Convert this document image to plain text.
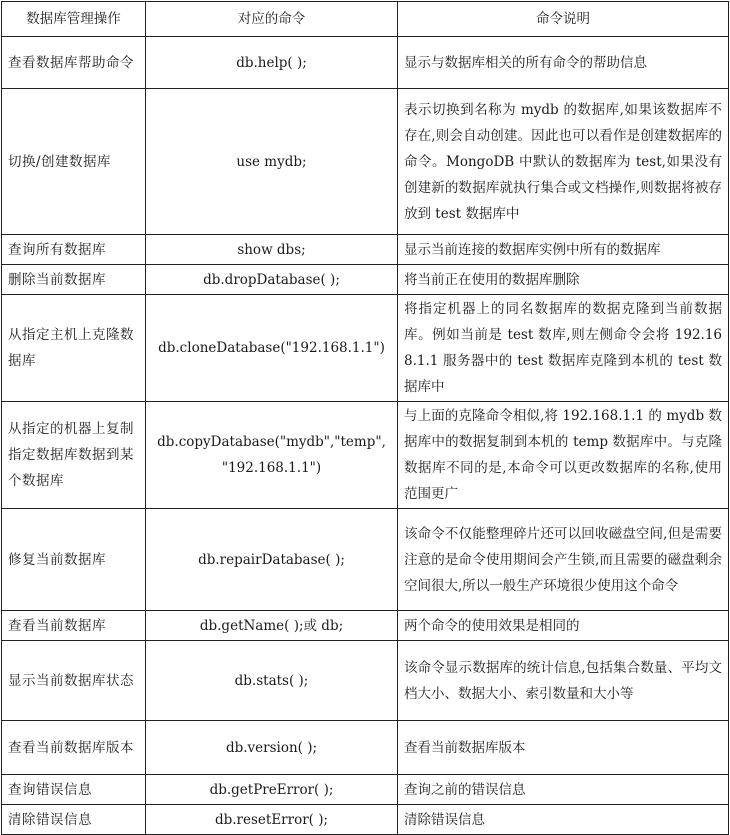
数据库管理操作	对应的命令	命令说明
查看数据库帮助命令	db.help( );	显示与数据库相关的所有命令的帮助信息
切换/创建数据库	use mydb;	表示切换到名称为 mydb 的数据库,如果该数据库不存在,则会自动创建。因此也可以看作是创建数据库的命令。MongoDB 中默认的数据库为 test,如果没有创建新的数据库就执行集合或文档操作,则数据将被存放到 test 数据库中
查询所有数据库	show dbs;	显示当前连接的数据库实例中所有的数据库
删除当前数据库	db.dropDatabase( );	将当前正在使用的数据库删除
从指定主机上克隆数据库	db.cloneDatabase("192.168.1.1")	将指定机器上的同名数据库的数据克隆到当前数据库。例如当前是 test 数库,则左侧命令会将 192.168.1.1 服务器中的 test 数据库克隆到本机的 test 数据库中
从指定的机器上复制指定数据库数据到某个数据库	db.copyDatabase("mydb","temp", "192.168.1.1")	与上面的克隆命令相似,将 192.168.1.1 的 mydb 数据库中的数据复制到本机的 temp 数据库中。与克隆数据库不同的是,本命令可以更改数据库的名称,使用范围更广
修复当前数据库	db.repairDatabase( );	该命令不仅能整理碎片还可以回收磁盘空间,但是需要注意的是命令使用期间会产生锁,而且需要的磁盘剩余空间很大,所以一般生产环境很少使用这个命令
查看当前数据库	db.getName( );或 db;	两个命令的使用效果是相同的
显示当前数据库状态	db.stats( );	该命令显示数据库的统计信息,包括集合数量、平均文档大小、数据大小、索引数量和大小等
查看当前数据库版本	db.version( );	查看当前数据库版本
查询错误信息	db.getPreError( );	查询之前的错误信息
清除错误信息	db.resetError( );	清除错误信息
